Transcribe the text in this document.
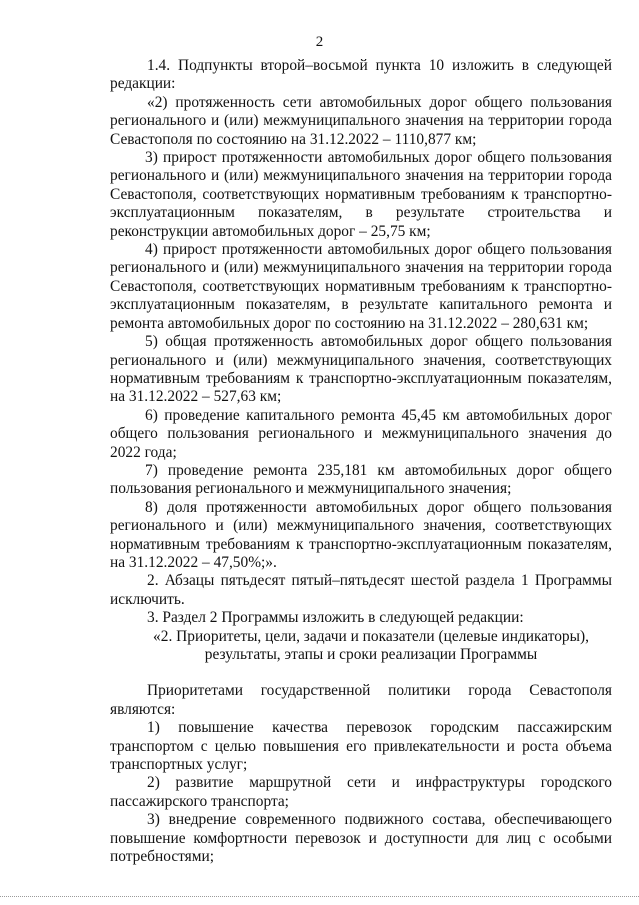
2

1.4. Подпункты второй–восьмой пункта 10 изложить в следующей редакции:

«2) протяженность сети автомобильных дорог общего пользования регионального и (или) межмуниципального значения на территории города Севастополя по состоянию на 31.12.2022 – 1110,877 км;

3) прирост протяженности автомобильных дорог общего пользования регионального и (или) межмуниципального значения на территории города Севастополя, соответствующих нормативным требованиям к транспортно-эксплуатационным показателям, в результате строительства и реконструкции автомобильных дорог – 25,75 км;

4) прирост протяженности автомобильных дорог общего пользования регионального и (или) межмуниципального значения на территории города Севастополя, соответствующих нормативным требованиям к транспортно-эксплуатационным показателям, в результате капитального ремонта и ремонта автомобильных дорог по состоянию на 31.12.2022 – 280,631 км;

5) общая протяженность автомобильных дорог общего пользования регионального и (или) межмуниципального значения, соответствующих нормативным требованиям к транспортно-эксплуатационным показателям, на 31.12.2022 – 527,63 км;

6) проведение капитального ремонта 45,45 км автомобильных дорог общего пользования регионального и межмуниципального значения до 2022 года;

7) проведение ремонта 235,181 км автомобильных дорог общего пользования регионального и межмуниципального значения;

8) доля протяженности автомобильных дорог общего пользования регионального и (или) межмуниципального значения, соответствующих нормативным требованиям к транспортно-эксплуатационным показателям, на 31.12.2022 – 47,50%;».

2. Абзацы пятьдесят пятый–пятьдесят шестой раздела 1 Программы исключить.

3. Раздел 2 Программы изложить в следующей редакции:

«2. Приоритеты, цели, задачи и показатели (целевые индикаторы),

результаты, этапы и сроки реализации Программы

Приоритетами государственной политики города Севастополя являются:

1) повышение качества перевозок городским пассажирским транспортом с целью повышения его привлекательности и роста объема транспортных услуг;

2) развитие маршрутной сети и инфраструктуры городского пассажирского транспорта;

3) внедрение современного подвижного состава, обеспечивающего повышение комфортности перевозок и доступности для лиц с особыми потребностями;
